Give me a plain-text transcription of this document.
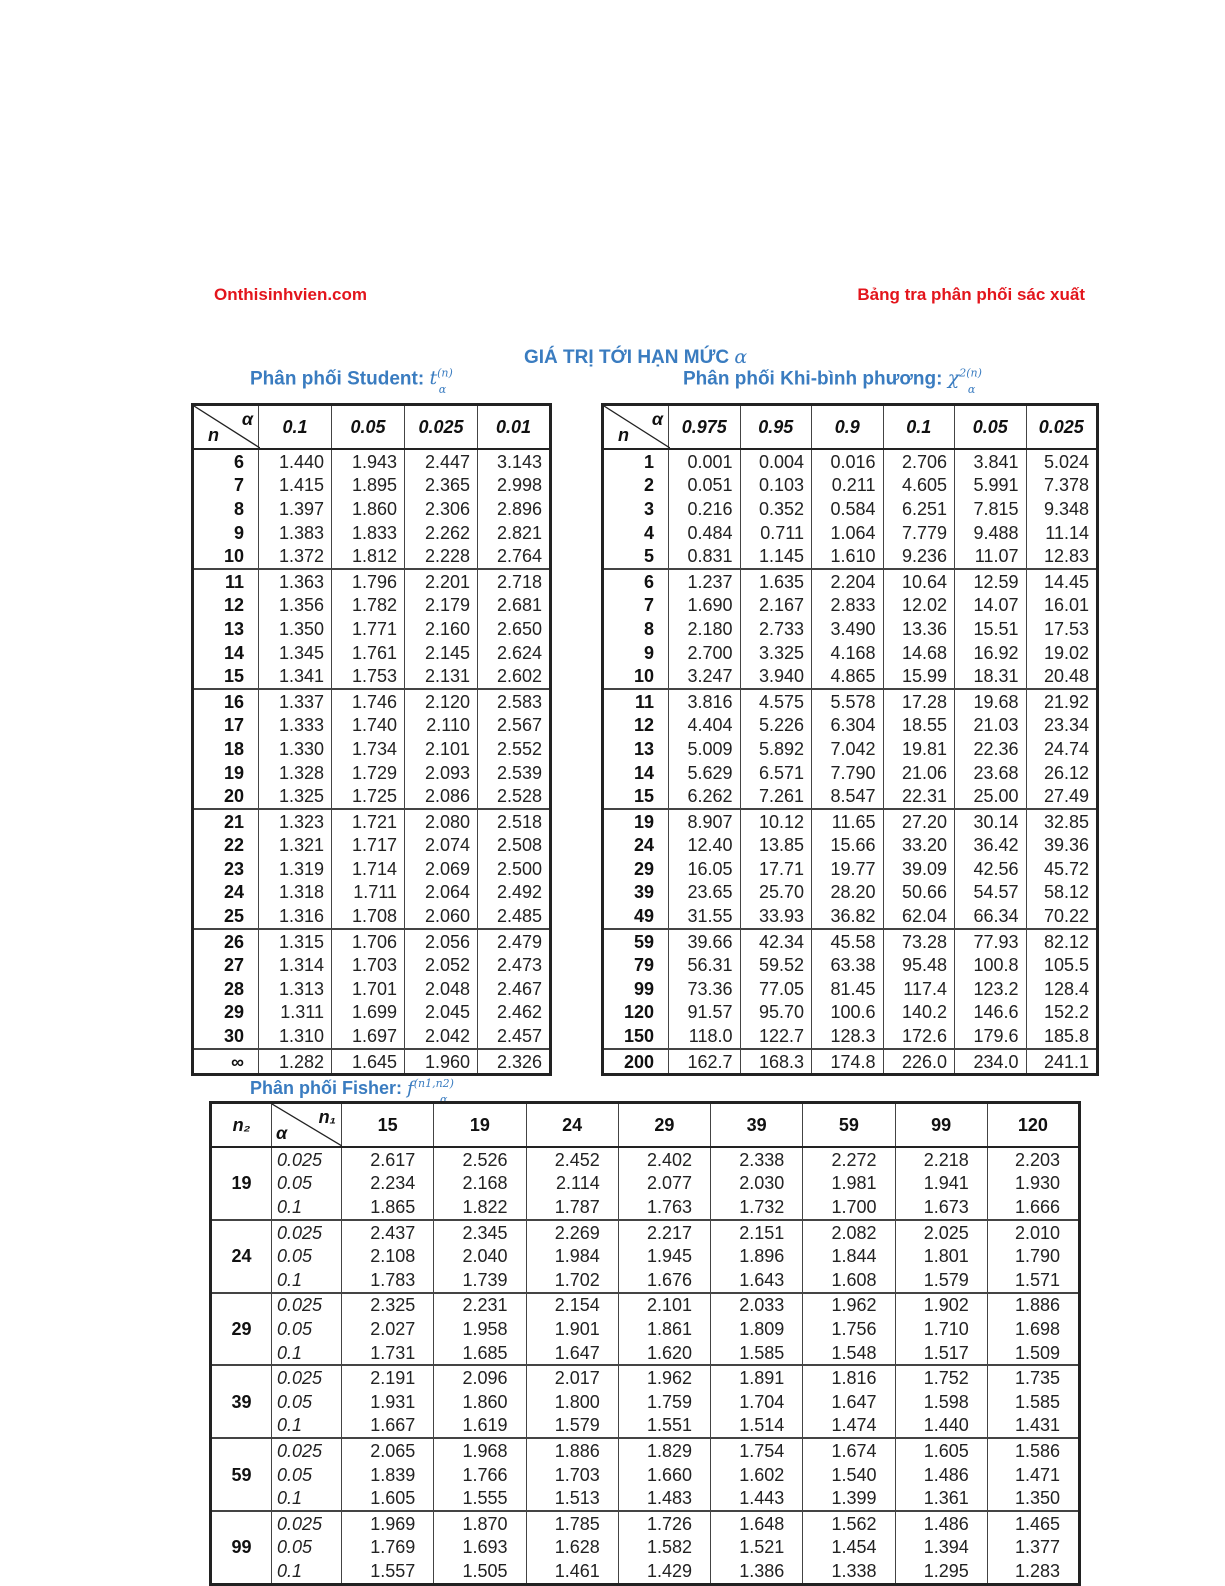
Onthisinhvien.com	Bảng tra phân phối sác xuất
GIÁ TRỊ TỚI HẠN MỨC α
Phân phối Student: $t^{(n)}_\alpha$
Phân phối Khi-bình phương: $\chi^{2(n)}_\alpha$
Phân phối Fisher: $f^{(n1,n2)}_\alpha$
α
n	0.1	0.05	0.025	0.01
6	1.440	1.943	2.447	3.143
7	1.415	1.895	2.365	2.998
8	1.397	1.860	2.306	2.896
9	1.383	1.833	2.262	2.821
10	1.372	1.812	2.228	2.764
11	1.363	1.796	2.201	2.718
12	1.356	1.782	2.179	2.681
13	1.350	1.771	2.160	2.650
14	1.345	1.761	2.145	2.624
15	1.341	1.753	2.131	2.602
16	1.337	1.746	2.120	2.583
17	1.333	1.740	2.110	2.567
18	1.330	1.734	2.101	2.552
19	1.328	1.729	2.093	2.539
20	1.325	1.725	2.086	2.528
21	1.323	1.721	2.080	2.518
22	1.321	1.717	2.074	2.508
23	1.319	1.714	2.069	2.500
24	1.318	1.711	2.064	2.492
25	1.316	1.708	2.060	2.485
26	1.315	1.706	2.056	2.479
27	1.314	1.703	2.052	2.473
28	1.313	1.701	2.048	2.467
29	1.311	1.699	2.045	2.462
30	1.310	1.697	2.042	2.457
∞	1.282	1.645	1.960	2.326
α
n	0.975	0.95	0.9	0.1	0.05	0.025
1	0.001	0.004	0.016	2.706	3.841	5.024
2	0.051	0.103	0.211	4.605	5.991	7.378
3	0.216	0.352	0.584	6.251	7.815	9.348
4	0.484	0.711	1.064	7.779	9.488	11.14
5	0.831	1.145	1.610	9.236	11.07	12.83
6	1.237	1.635	2.204	10.64	12.59	14.45
7	1.690	2.167	2.833	12.02	14.07	16.01
8	2.180	2.733	3.490	13.36	15.51	17.53
9	2.700	3.325	4.168	14.68	16.92	19.02
10	3.247	3.940	4.865	15.99	18.31	20.48
11	3.816	4.575	5.578	17.28	19.68	21.92
12	4.404	5.226	6.304	18.55	21.03	23.34
13	5.009	5.892	7.042	19.81	22.36	24.74
14	5.629	6.571	7.790	21.06	23.68	26.12
15	6.262	7.261	8.547	22.31	25.00	27.49
19	8.907	10.12	11.65	27.20	30.14	32.85
24	12.40	13.85	15.66	33.20	36.42	39.36
29	16.05	17.71	19.77	39.09	42.56	45.72
39	23.65	25.70	28.20	50.66	54.57	58.12
49	31.55	33.93	36.82	62.04	66.34	70.22
59	39.66	42.34	45.58	73.28	77.93	82.12
79	56.31	59.52	63.38	95.48	100.8	105.5
99	73.36	77.05	81.45	117.4	123.2	128.4
120	91.57	95.70	100.6	140.2	146.6	152.2
150	118.0	122.7	128.3	172.6	179.6	185.8
200	162.7	168.3	174.8	226.0	234.0	241.1
n₂	n₁
α	15	19	24	29	39	59	99	120
19	0.025	2.617	2.526	2.452	2.402	2.338	2.272	2.218	2.203
	0.05	2.234	2.168	2.114	2.077	2.030	1.981	1.941	1.930
	0.1	1.865	1.822	1.787	1.763	1.732	1.700	1.673	1.666
24	0.025	2.437	2.345	2.269	2.217	2.151	2.082	2.025	2.010
	0.05	2.108	2.040	1.984	1.945	1.896	1.844	1.801	1.790
	0.1	1.783	1.739	1.702	1.676	1.643	1.608	1.579	1.571
29	0.025	2.325	2.231	2.154	2.101	2.033	1.962	1.902	1.886
	0.05	2.027	1.958	1.901	1.861	1.809	1.756	1.710	1.698
	0.1	1.731	1.685	1.647	1.620	1.585	1.548	1.517	1.509
39	0.025	2.191	2.096	2.017	1.962	1.891	1.816	1.752	1.735
	0.05	1.931	1.860	1.800	1.759	1.704	1.647	1.598	1.585
	0.1	1.667	1.619	1.579	1.551	1.514	1.474	1.440	1.431
59	0.025	2.065	1.968	1.886	1.829	1.754	1.674	1.605	1.586
	0.05	1.839	1.766	1.703	1.660	1.602	1.540	1.486	1.471
	0.1	1.605	1.555	1.513	1.483	1.443	1.399	1.361	1.350
99	0.025	1.969	1.870	1.785	1.726	1.648	1.562	1.486	1.465
	0.05	1.769	1.693	1.628	1.582	1.521	1.454	1.394	1.377
	0.1	1.557	1.505	1.461	1.429	1.386	1.338	1.295	1.283
